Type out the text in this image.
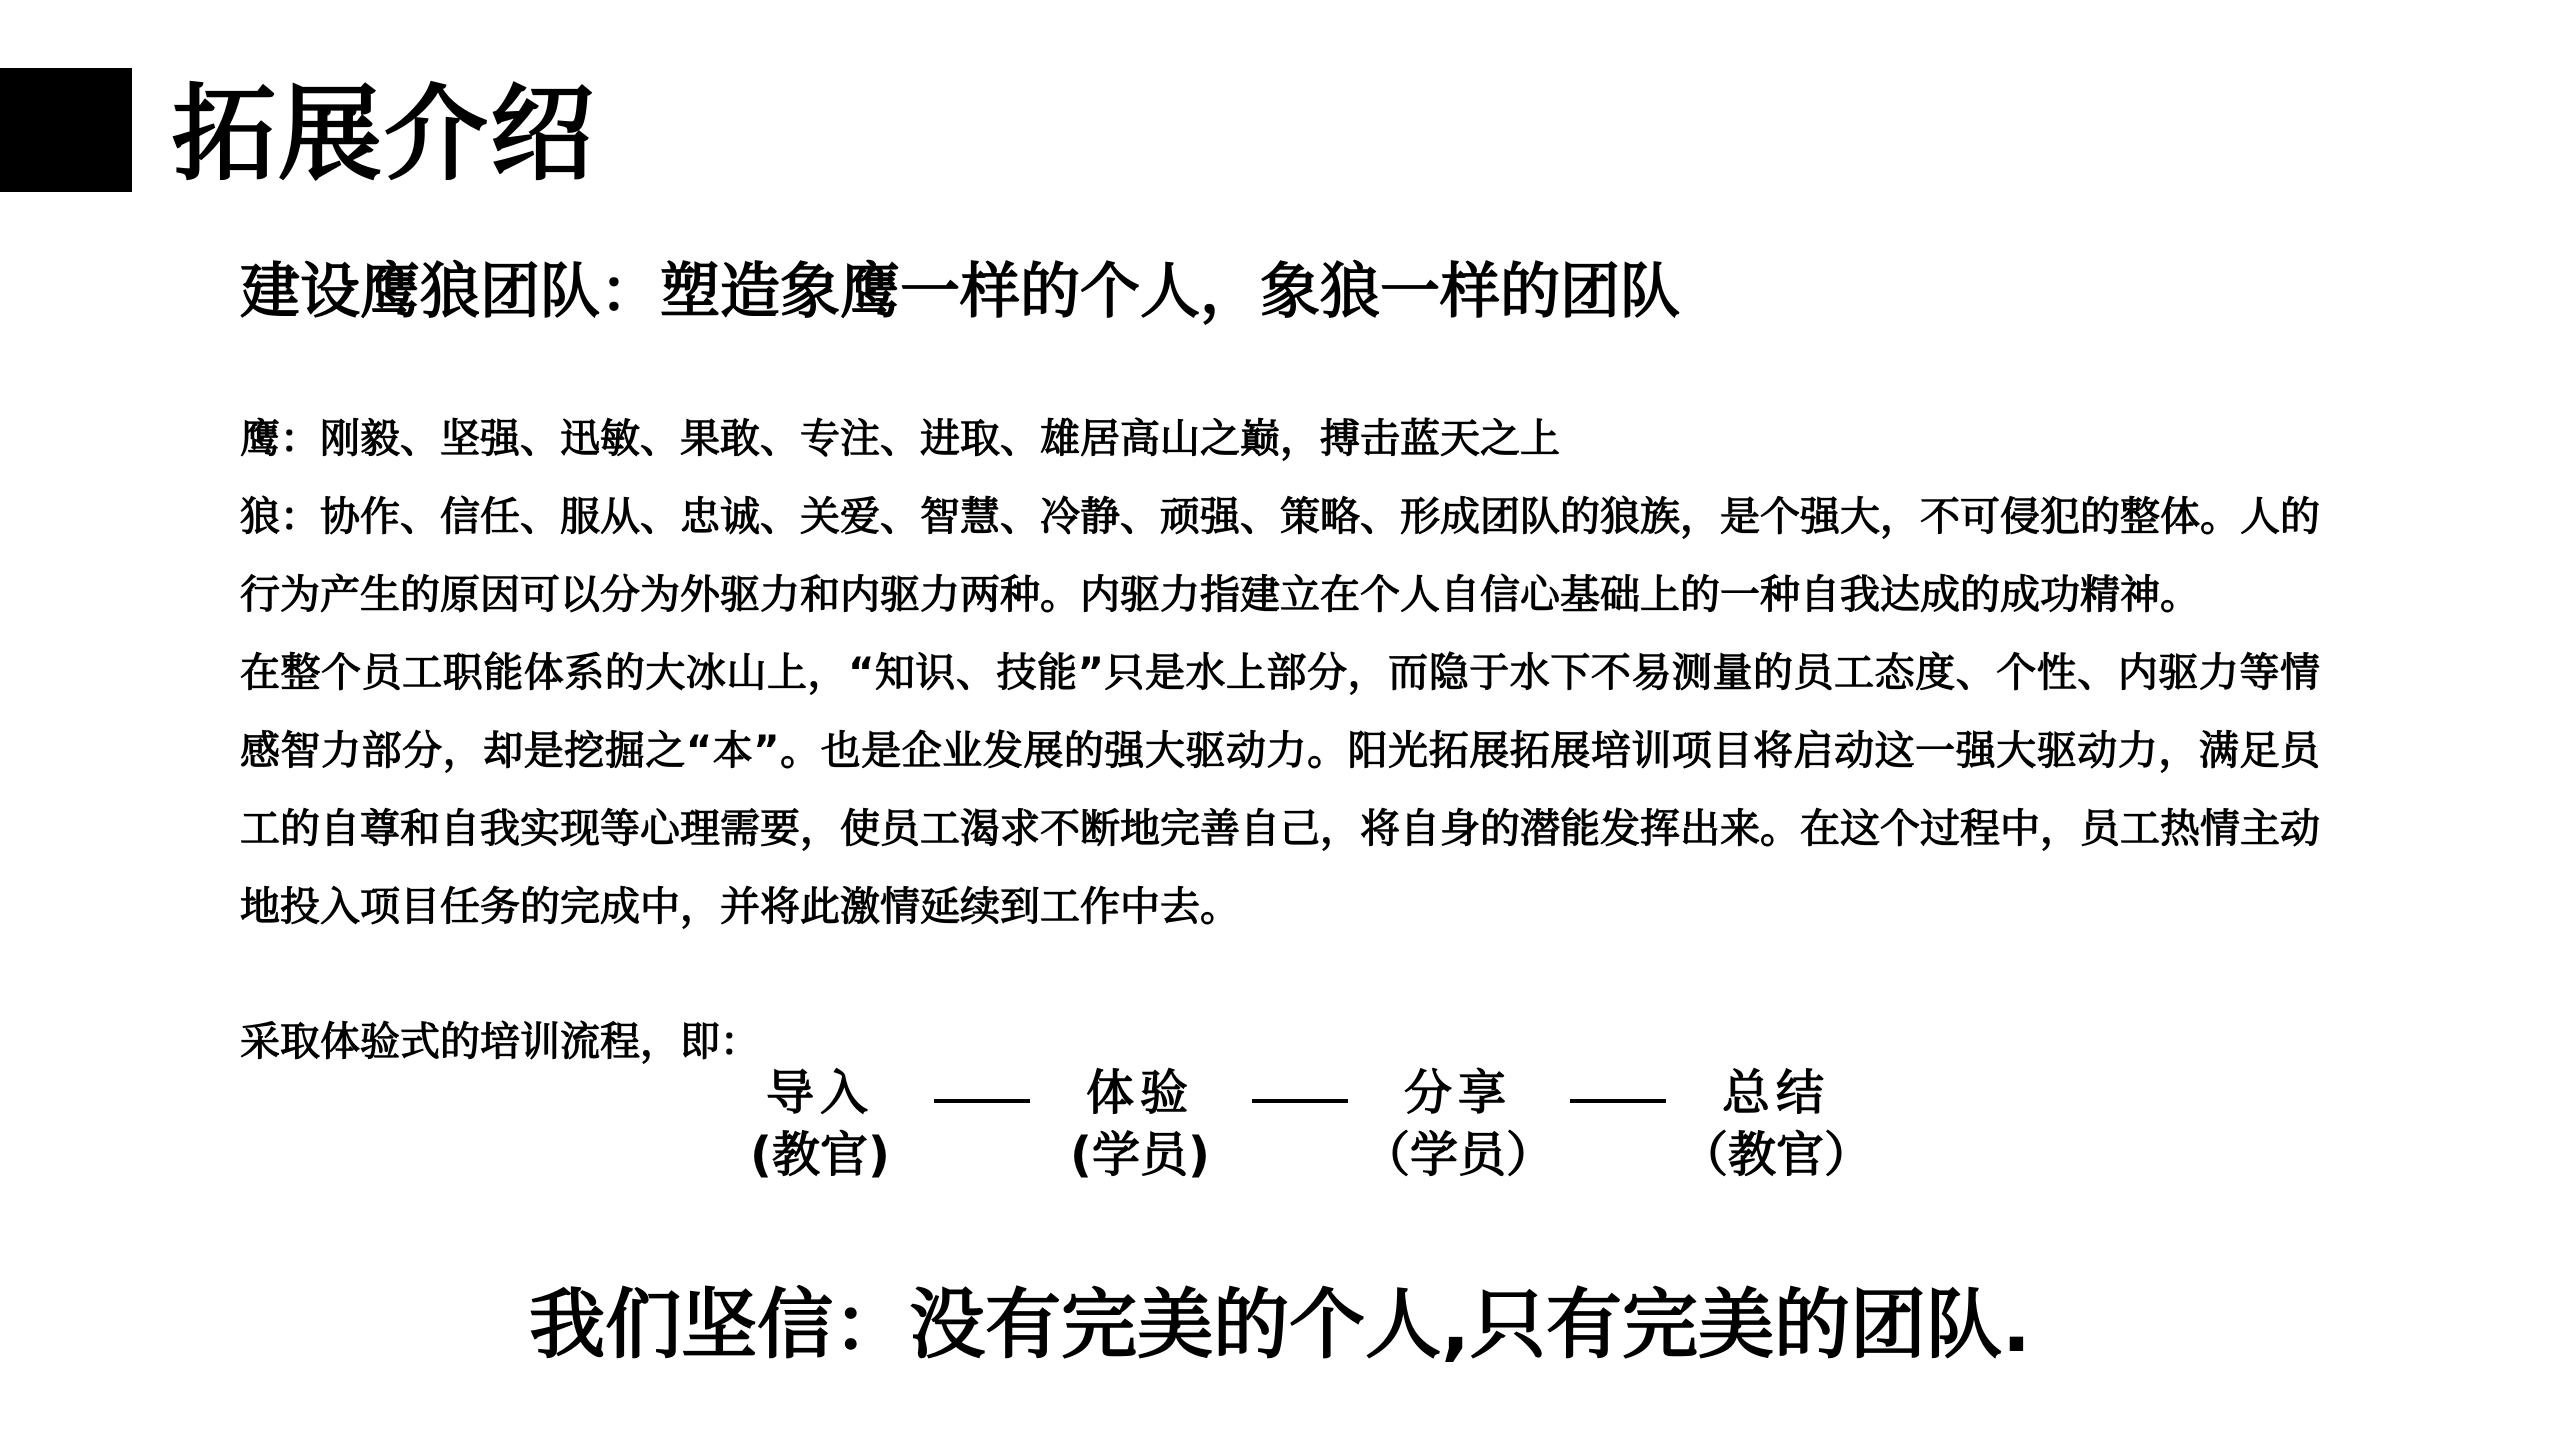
拓展介绍
建设鹰狼团队：塑造象鹰一样的个人，象狼一样的团队

鹰：刚毅、坚强、迅敏、果敢、专注、进取、雄居高山之巅，搏击蓝天之上

狼：协作、信任、服从、忠诚、关爱、智慧、冷静、顽强、策略、形成团队的狼族，是个强大，不可侵犯的整体。人的行为产生的原因可以分为外驱力和内驱力两种。内驱力指建立在个人自信心基础上的一种自我达成的成功精神。

在整个员工职能体系的大冰山上，“知识、技能”只是水上部分，而隐于水下不易测量的员工态度、个性、内驱力等情感智力部分，却是挖掘之“本”。也是企业发展的强大驱动力。阳光拓展拓展培训项目将启动这一强大驱动力，满足员工的自尊和自我实现等心理需要，使员工渴求不断地完善自己，将自身的潜能发挥出来。在这个过程中，员工热情主动地投入项目任务的完成中，并将此激情延续到工作中去。

采取体验式的培训流程，即：
导入
(教官)
体验
(学员)
分享
（学员）
总结
（教官）
我们坚信：没有完美的个人,只有完美的团队.
